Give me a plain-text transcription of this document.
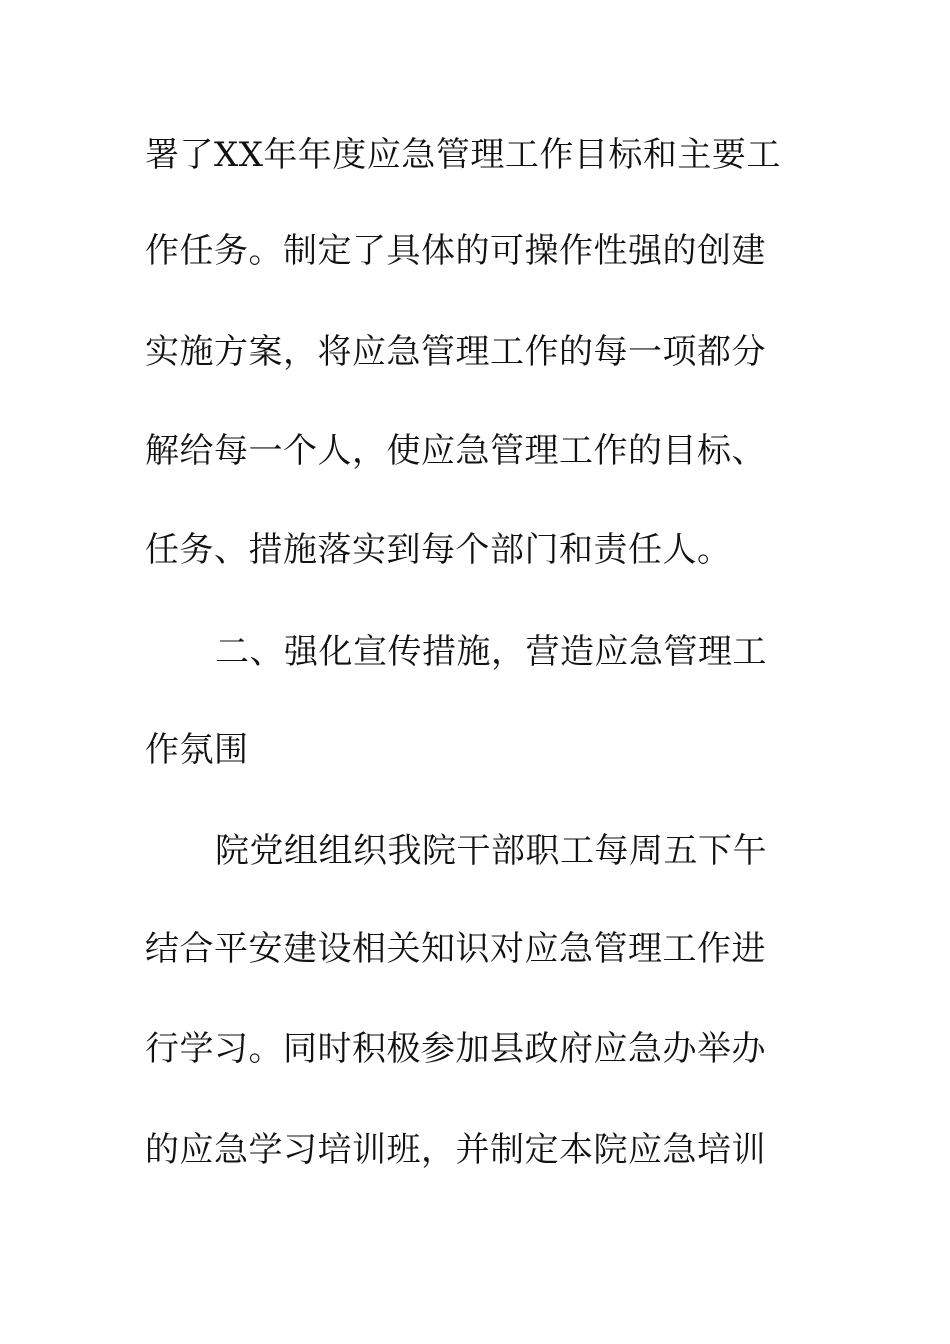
署了XX年年度应急管理工作目标和主要工
作任务。制定了具体的可操作性强的创建
实施方案，将应急管理工作的每一项都分
解给每一个人，使应急管理工作的目标、
任务、措施落实到每个部门和责任人。
二、强化宣传措施，营造应急管理工
作氛围
院党组组织我院干部职工每周五下午
结合平安建设相关知识对应急管理工作进
行学习。同时积极参加县政府应急办举办
的应急学习培训班，并制定本院应急培训
